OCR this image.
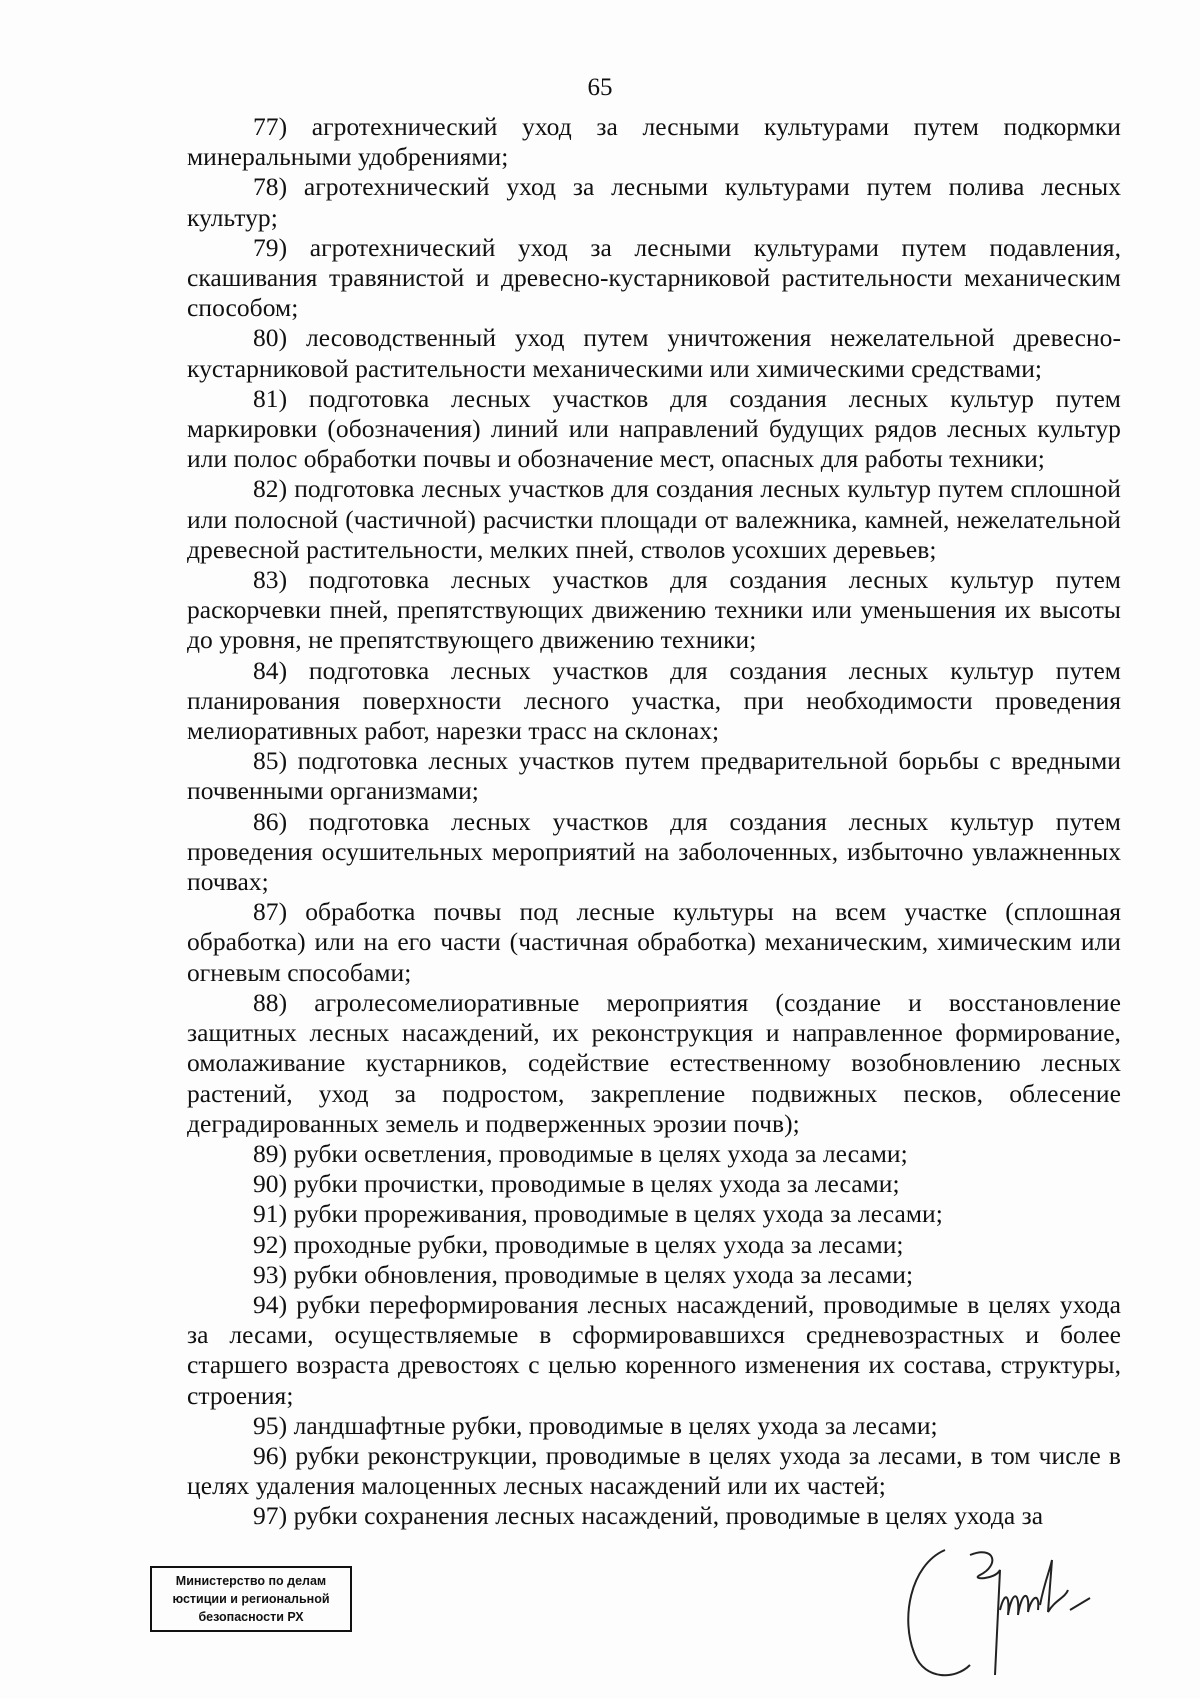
65

77) агротехнический уход за лесными культурами путем подкормки минеральными удобрениями;

78) агротехнический уход за лесными культурами путем полива лесных культур;

79) агротехнический уход за лесными культурами путем подавления, скашивания травянистой и древесно-кустарниковой растительности механическим способом;

80) лесоводственный уход путем уничтожения нежелательной древесно-кустарниковой растительности механическими или химическими средствами;

81) подготовка лесных участков для создания лесных культур путем маркировки (обозначения) линий или направлений будущих рядов лесных культур или полос обработки почвы и обозначение мест, опасных для работы техники;

82) подготовка лесных участков для создания лесных культур путем сплошной или полосной (частичной) расчистки площади от валежника, камней, нежелательной древесной растительности, мелких пней, стволов усохших деревьев;

83) подготовка лесных участков для создания лесных культур путем раскорчевки пней, препятствующих движению техники или уменьшения их высоты до уровня, не препятствующего движению техники;

84) подготовка лесных участков для создания лесных культур путем планирования поверхности лесного участка, при необходимости проведения мелиоративных работ, нарезки трасс на склонах;

85) подготовка лесных участков путем предварительной борьбы с вредными почвенными организмами;

86) подготовка лесных участков для создания лесных культур путем проведения осушительных мероприятий на заболоченных, избыточно увлажненных почвах;

87) обработка почвы под лесные культуры на всем участке (сплошная обработка) или на его части (частичная обработка) механическим, химическим или огневым способами;

88) агролесомелиоративные мероприятия (создание и восстановление защитных лесных насаждений, их реконструкция и направленное формирование, омолаживание кустарников, содействие естественному возобновлению лесных растений, уход за подростом, закрепление подвижных песков, облесение деградированных земель и подверженных эрозии почв);

89) рубки осветления, проводимые в целях ухода за лесами;

90) рубки прочистки, проводимые в целях ухода за лесами;

91) рубки прореживания, проводимые в целях ухода за лесами;

92) проходные рубки, проводимые в целях ухода за лесами;

93) рубки обновления, проводимые в целях ухода за лесами;

94) рубки переформирования лесных насаждений, проводимые в целях ухода за лесами, осуществляемые в сформировавшихся средневозрастных и более старшего возраста древостоях с целью коренного изменения их состава, структуры, строения;

95) ландшафтные рубки, проводимые в целях ухода за лесами;

96) рубки реконструкции, проводимые в целях ухода за лесами, в том числе в целях удаления малоценных лесных насаждений или их частей;

97) рубки сохранения лесных насаждений, проводимые в целях ухода за

Министерство по делам
юстиции и региональной
безопасности РХ
